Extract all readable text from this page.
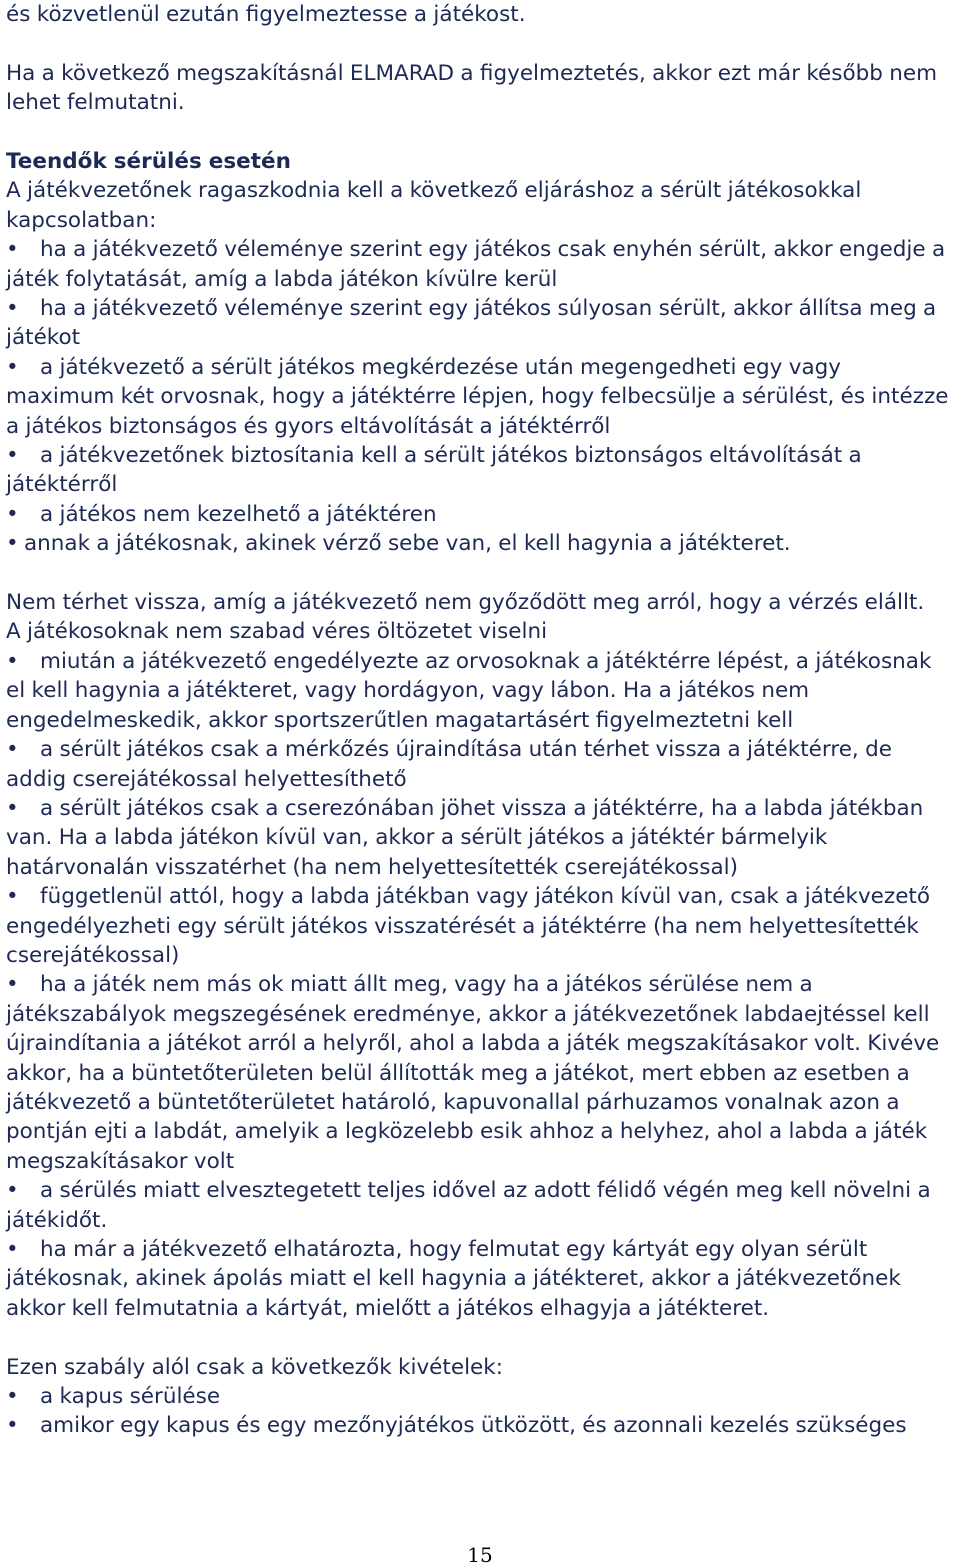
és közvetlenül ezután figyelmeztesse a játékost.

Ha a következő megszakításnál ELMARAD a figyelmeztetés, akkor ezt már később nem lehet felmutatni.

Teendők sérülés esetén

A játékvezetőnek ragaszkodnia kell a következő eljáráshoz a sérült játékosokkal kapcsolatban:

• ha a játékvezető véleménye szerint egy játékos csak enyhén sérült, akkor engedje a játék folytatását, amíg a labda játékon kívülre kerül

• ha a játékvezető véleménye szerint egy játékos súlyosan sérült, akkor állítsa meg a játékot

• a játékvezető a sérült játékos megkérdezése után megengedheti egy vagy maximum két orvosnak, hogy a játéktérre lépjen, hogy felbecsülje a sérülést, és intézze a játékos biztonságos és gyors eltávolítását a játéktérről

• a játékvezetőnek biztosítania kell a sérült játékos biztonságos eltávolítását a játéktérről

• a játékos nem kezelhető a játéktéren

• annak a játékosnak, akinek vérző sebe van, el kell hagynia a játékteret.

Nem térhet vissza, amíg a játékvezető nem győződött meg arról, hogy a vérzés elállt.

A játékosoknak nem szabad véres öltözetet viselni

• miután a játékvezető engedélyezte az orvosoknak a játéktérre lépést, a játékosnak el kell hagynia a játékteret, vagy hordágyon, vagy lábon. Ha a játékos nem engedelmeskedik, akkor sportszerűtlen magatartásért figyelmeztetni kell

• a sérült játékos csak a mérkőzés újraindítása után térhet vissza a játéktérre, de addig cserejátékossal helyettesíthető

• a sérült játékos csak a cserezónában jöhet vissza a játéktérre, ha a labda játékban van. Ha a labda játékon kívül van, akkor a sérült játékos a játéktér bármelyik határvonalán visszatérhet (ha nem helyettesítették cserejátékossal)

• függetlenül attól, hogy a labda játékban vagy játékon kívül van, csak a játékvezető engedélyezheti egy sérült játékos visszatérését a játéktérre (ha nem helyettesítették cserejátékossal)

• ha a játék nem más ok miatt állt meg, vagy ha a játékos sérülése nem a játékszabályok megszegésének eredménye, akkor a játékvezetőnek labdaejtéssel kell újraindítania a játékot arról a helyről, ahol a labda a játék megszakításakor volt. Kivéve akkor, ha a büntetőterületen belül állították meg a játékot, mert ebben az esetben a játékvezető a büntetőterületet határoló, kapuvonallal párhuzamos vonalnak azon a pontján ejti a labdát, amelyik a legközelebb esik ahhoz a helyhez, ahol a labda a játék megszakításakor volt

• a sérülés miatt elvesztegetett teljes idővel az adott félidő végén meg kell növelni a játékidőt.

• ha már a játékvezető elhatározta, hogy felmutat egy kártyát egy olyan sérült játékosnak, akinek ápolás miatt el kell hagynia a játékteret, akkor a játékvezetőnek akkor kell felmutatnia a kártyát, mielőtt a játékos elhagyja a játékteret.

Ezen szabály alól csak a következők kivételek:

• a kapus sérülése

• amikor egy kapus és egy mezőnyjátékos ütközött, és azonnali kezelés szükséges

15
